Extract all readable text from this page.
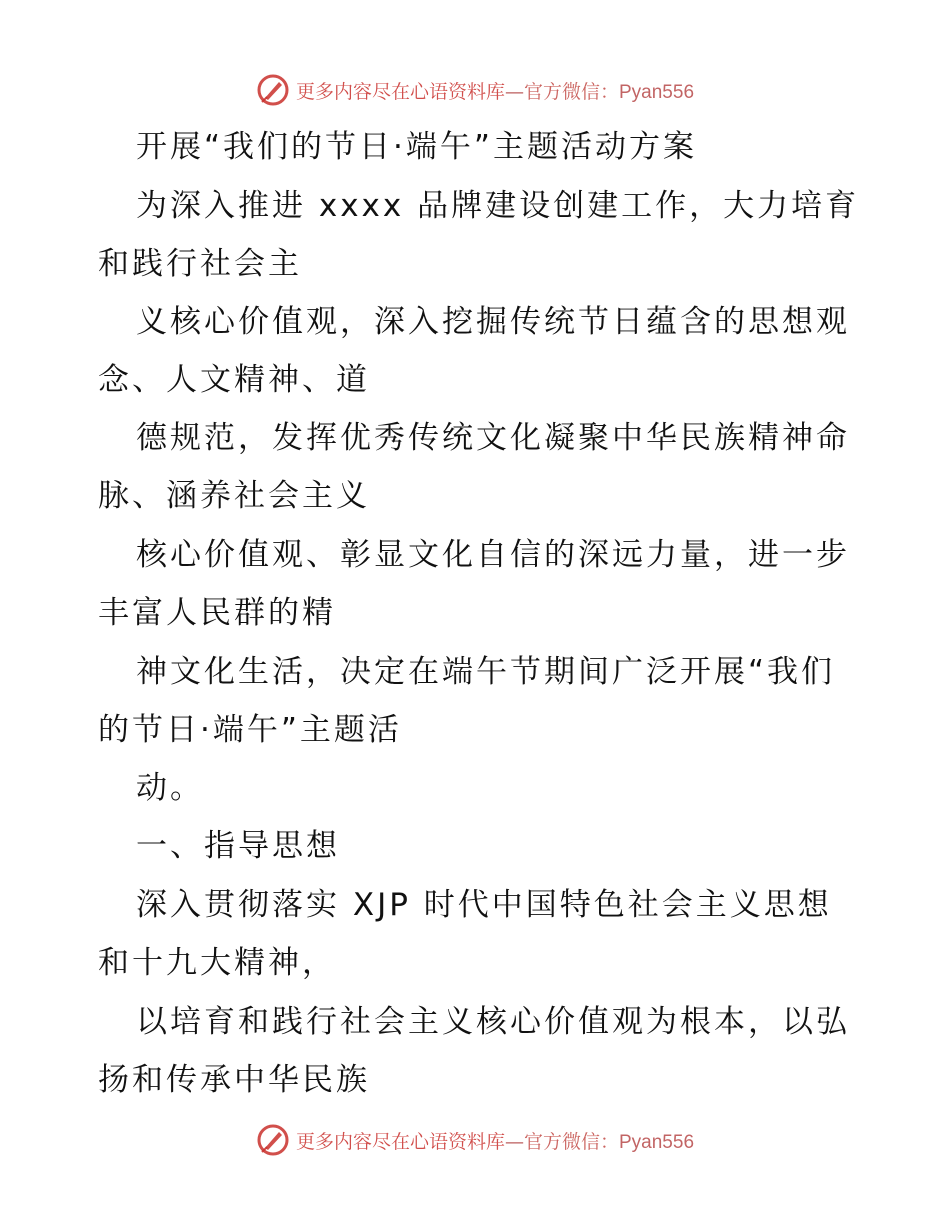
更多内容尽在心语资料库—官方微信：Pyan556
开展“我们的节日·端午”主题活动方案
为深入推进 xxxx 品牌建设创建工作，大力培育
和践行社会主
义核心价值观，深入挖掘传统节日蕴含的思想观
念、人文精神、道
德规范，发挥优秀传统文化凝聚中华民族精神命
脉、涵养社会主义
核心价值观、彰显文化自信的深远力量，进一步
丰富人民群的精
神文化生活，决定在端午节期间广泛开展“我们
的节日·端午”主题活
动。
一、指导思想
深入贯彻落实 XJP 时代中国特色社会主义思想
和十九大精神，
以培育和践行社会主义核心价值观为根本，以弘
扬和传承中华民族
更多内容尽在心语资料库—官方微信：Pyan556
